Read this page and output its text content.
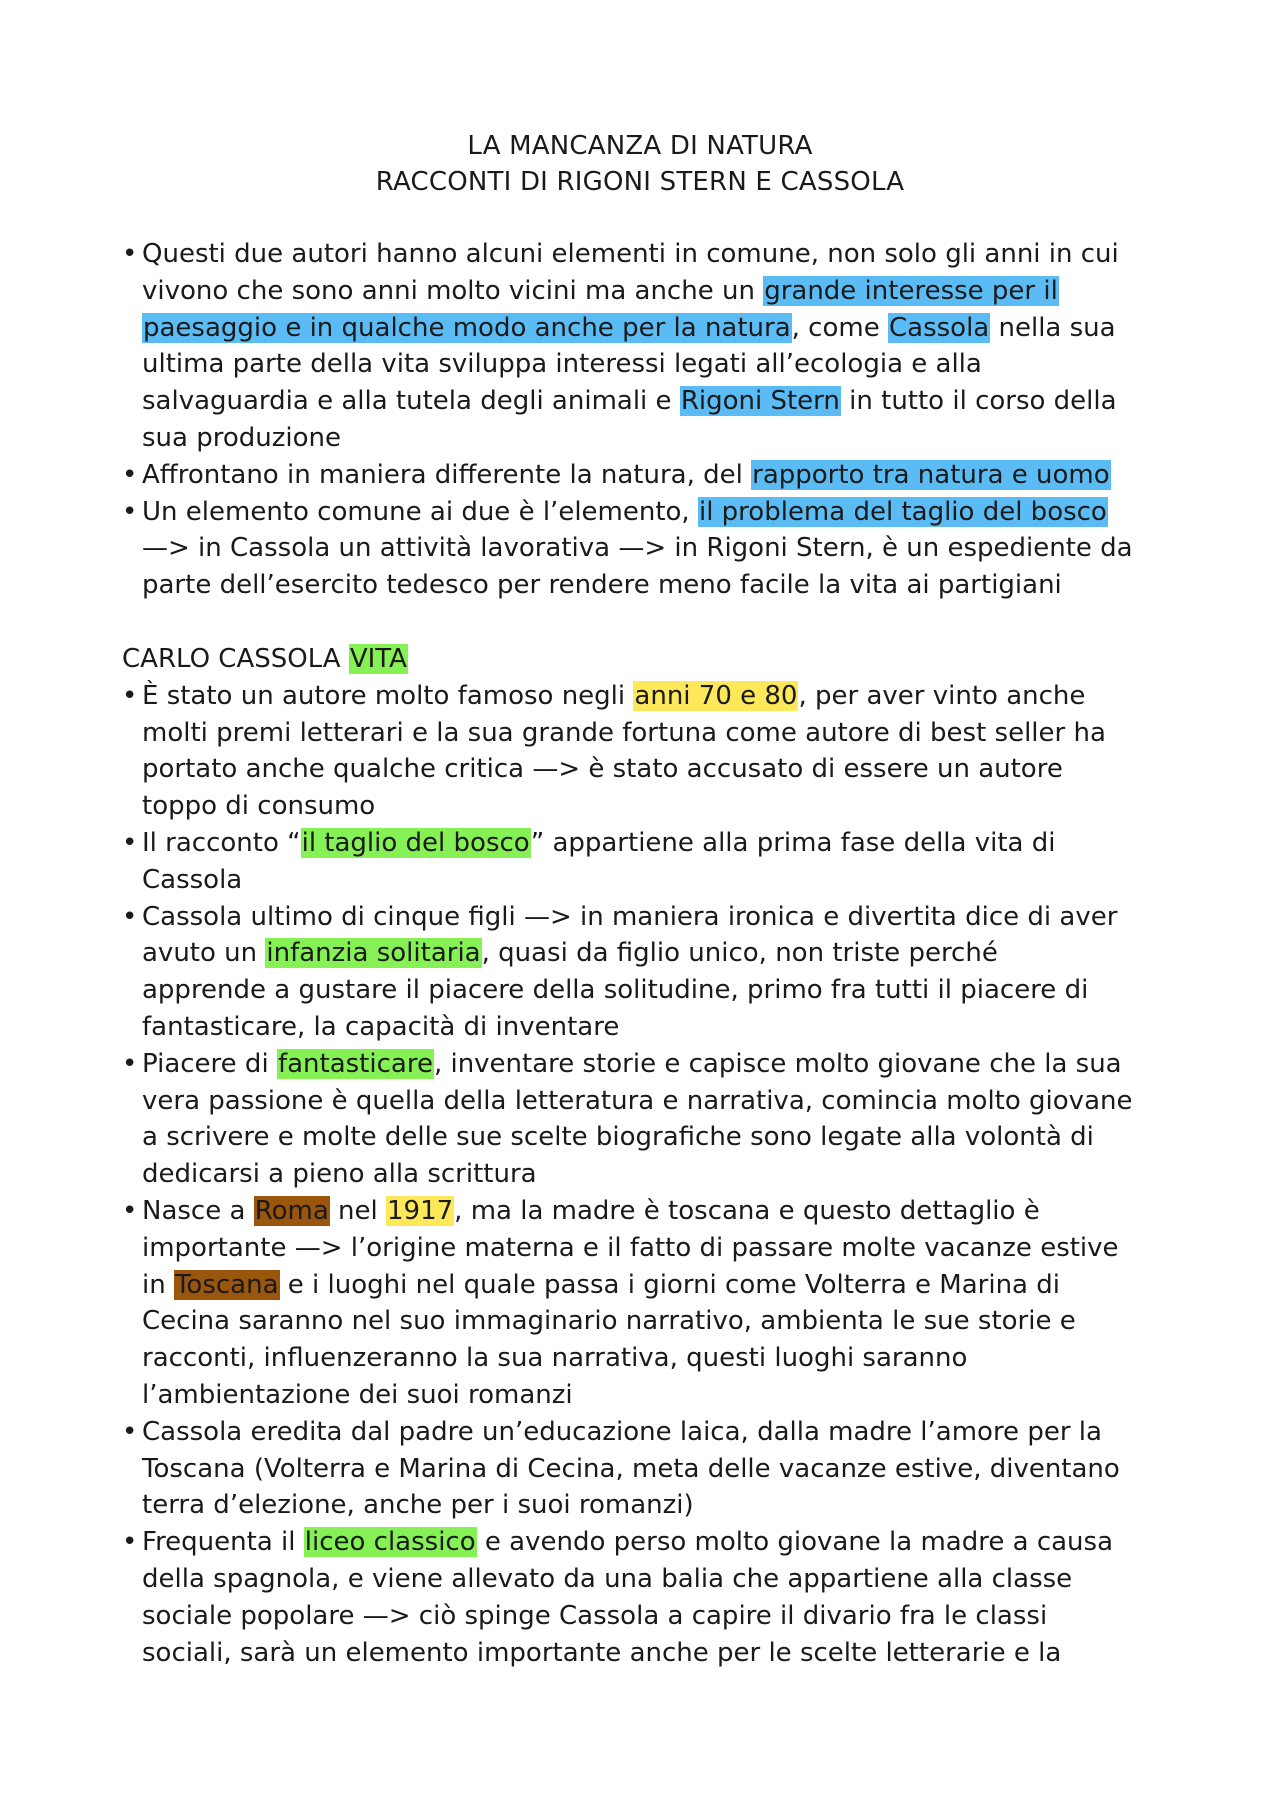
LA MANCANZA DI NATURA
RACCONTI DI RIGONI STERN E CASSOLA
• Questi due autori hanno alcuni elementi in comune, non solo gli anni in cui
vivono che sono anni molto vicini ma anche un grande interesse per il
paesaggio e in qualche modo anche per la natura, come Cassola nella sua
ultima parte della vita sviluppa interessi legati all’ecologia e alla
salvaguardia e alla tutela degli animali e Rigoni Stern in tutto il corso della
sua produzione
• Affrontano in maniera differente la natura, del rapporto tra natura e uomo
• Un elemento comune ai due è l’elemento, il problema del taglio del bosco
—> in Cassola un attività lavorativa —> in Rigoni Stern, è un espediente da
parte dell’esercito tedesco per rendere meno facile la vita ai partigiani
CARLO CASSOLA VITA
• È stato un autore molto famoso negli anni 70 e 80, per aver vinto anche
molti premi letterari e la sua grande fortuna come autore di best seller ha
portato anche qualche critica —> è stato accusato di essere un autore
toppo di consumo
• Il racconto “il taglio del bosco” appartiene alla prima fase della vita di
Cassola
• Cassola ultimo di cinque figli —> in maniera ironica e divertita dice di aver
avuto un infanzia solitaria, quasi da figlio unico, non triste perché
apprende a gustare il piacere della solitudine, primo fra tutti il piacere di
fantasticare, la capacità di inventare
• Piacere di fantasticare, inventare storie e capisce molto giovane che la sua
vera passione è quella della letteratura e narrativa, comincia molto giovane
a scrivere e molte delle sue scelte biografiche sono legate alla volontà di
dedicarsi a pieno alla scrittura
• Nasce a Roma nel 1917, ma la madre è toscana e questo dettaglio è
importante —> l’origine materna e il fatto di passare molte vacanze estive
in Toscana e i luoghi nel quale passa i giorni come Volterra e Marina di
Cecina saranno nel suo immaginario narrativo, ambienta le sue storie e
racconti, influenzeranno la sua narrativa, questi luoghi saranno
l’ambientazione dei suoi romanzi
• Cassola eredita dal padre un’educazione laica, dalla madre l’amore per la
Toscana (Volterra e Marina di Cecina, meta delle vacanze estive, diventano
terra d’elezione, anche per i suoi romanzi)
• Frequenta il liceo classico e avendo perso molto giovane la madre a causa
della spagnola, e viene allevato da una balia che appartiene alla classe
sociale popolare —> ciò spinge Cassola a capire il divario fra le classi
sociali, sarà un elemento importante anche per le scelte letterarie e la
